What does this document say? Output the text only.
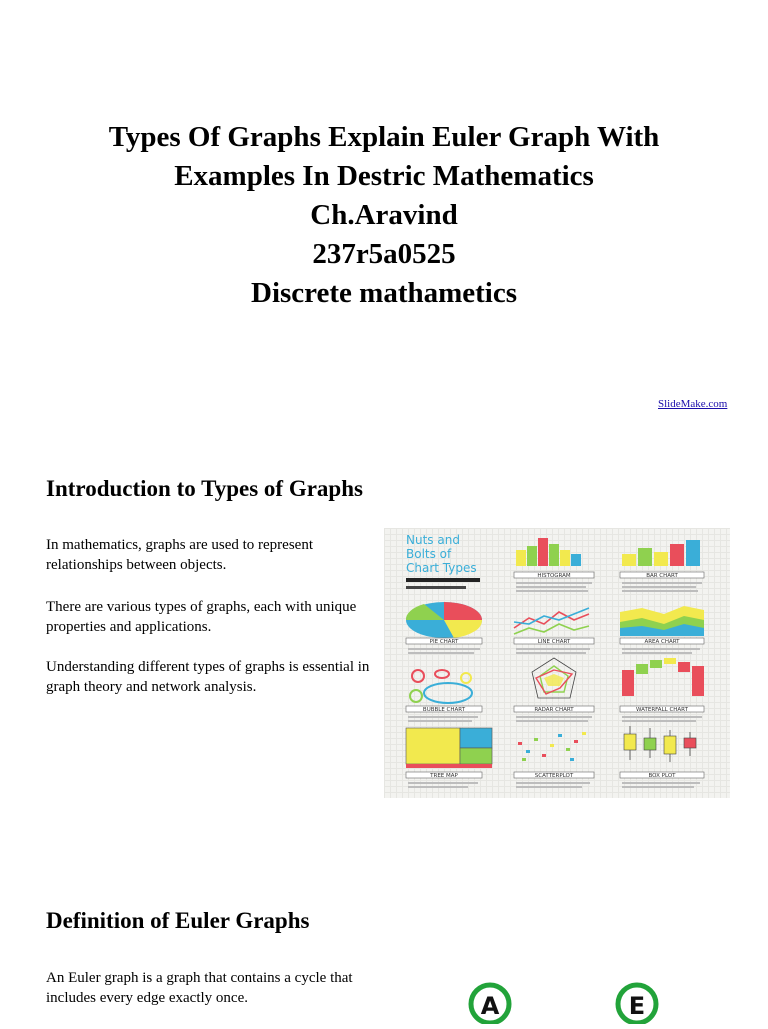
Types Of Graphs Explain Euler Graph With
Examples In Destric Mathematics
Ch.Aravind
237r5a0525
Discrete mathametics
SlideMake.com
Introduction to Types of Graphs
In mathematics, graphs are used to represent relationships between objects.
There are various types of graphs, each with unique properties and applications.
Understanding different types of graphs is essential in graph theory and network analysis.
Nuts and
Bolts of
Chart Types
HISTOGRAM	BAR CHART
PIE CHART	LINE CHART	AREA CHART
BUBBLE CHART	RADAR CHART	WATERFALL CHART
TREE MAP	SCATTERPLOT	BOX PLOT
Definition of Euler Graphs
An Euler graph is a graph that contains a cycle that includes every edge exactly once.	A	E
